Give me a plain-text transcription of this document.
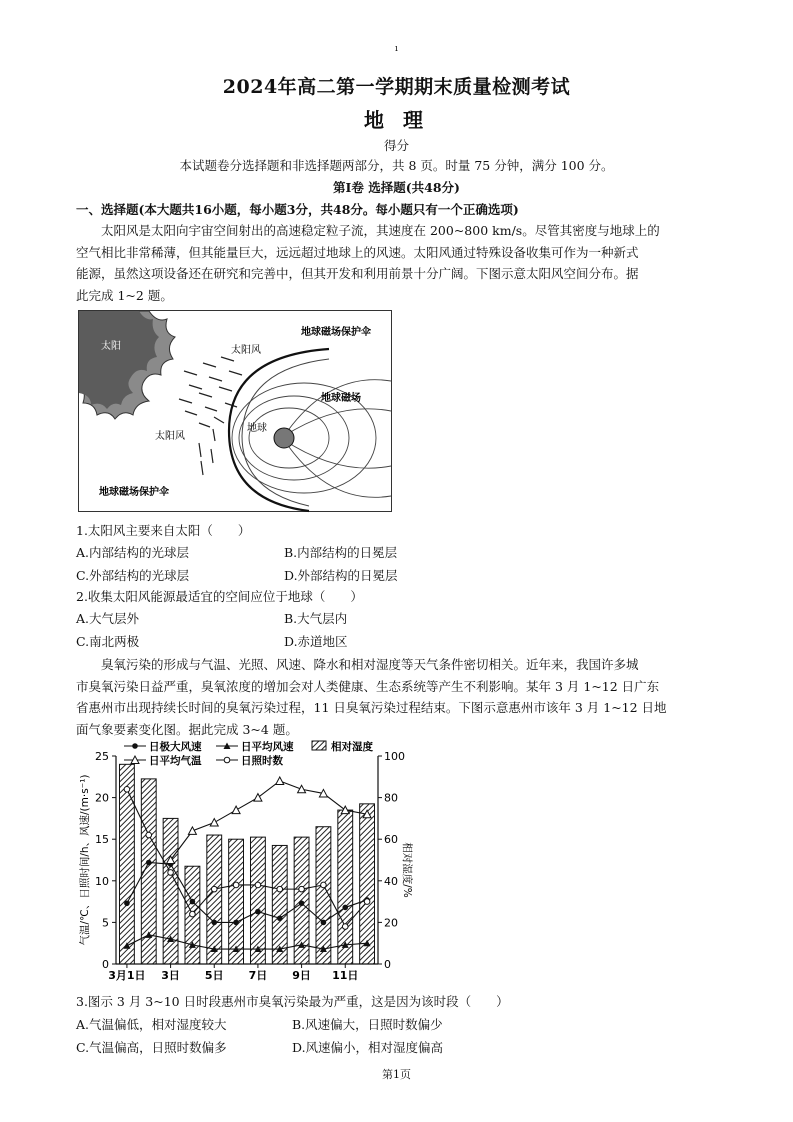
ı
2024年高二第一学期期末质量检测考试
地 理
得分
本试题卷分选择题和非选择题两部分，共 8 页。时量 75 分钟，满分 100 分。
第Ⅰ卷 选择题(共48分)
一、选择题(本大题共16小题，每小题3分，共48分。每小题只有一个正确选项)
太阳风是太阳向宇宙空间射出的高速稳定粒子流，其速度在 200~800 km/s。尽管其密度与地球上的
空气相比非常稀薄，但其能量巨大，远远超过地球上的风速。太阳风通过特殊设备收集可作为一种新式
能源，虽然这项设备还在研究和完善中，但其开发和利用前景十分广阔。下图示意太阳风空间分布。据
此完成 1~2 题。
太阳	太阳风
太阳风
地球
地球磁场保护伞
地球磁场
地球磁场保护伞
1.太阳风主要来自太阳（　　）
A.内部结构的光球层	B.内部结构的日冕层
C.外部结构的光球层	D.外部结构的日冕层
2.收集太阳风能源最适宜的空间应位于地球（　　）
A.大气层外	B.大气层内
C.南北两极	D.赤道地区
臭氧污染的形成与气温、光照、风速、降水和相对湿度等天气条件密切相关。近年来，我国许多城
市臭氧污染日益严重，臭氧浓度的增加会对人类健康、生态系统等产生不利影响。某年 3 月 1~12 日广东
省惠州市出现持续长时间的臭氧污染过程，11 日臭氧污染过程结束。下图示意惠州市该年 3 月 1~12 日地
面气象要素变化图。据此完成 3~4 题。
0
5
10
15
20
25
0
20
40
60
80
100
3月1日 3日 5日 7日 9日 11日
日极大风速	日平均风速	相对湿度
日平均气温	日照时数
气温/℃、日照时间/h、风速/(m·s⁻¹)	相对湿度/%
3.图示 3 月 3~10 日时段惠州市臭氧污染最为严重，这是因为该时段（　　）
A.气温偏低，相对湿度较大	B.风速偏大，日照时数偏少
C.气温偏高，日照时数偏多	D.风速偏小，相对湿度偏高
第1页
